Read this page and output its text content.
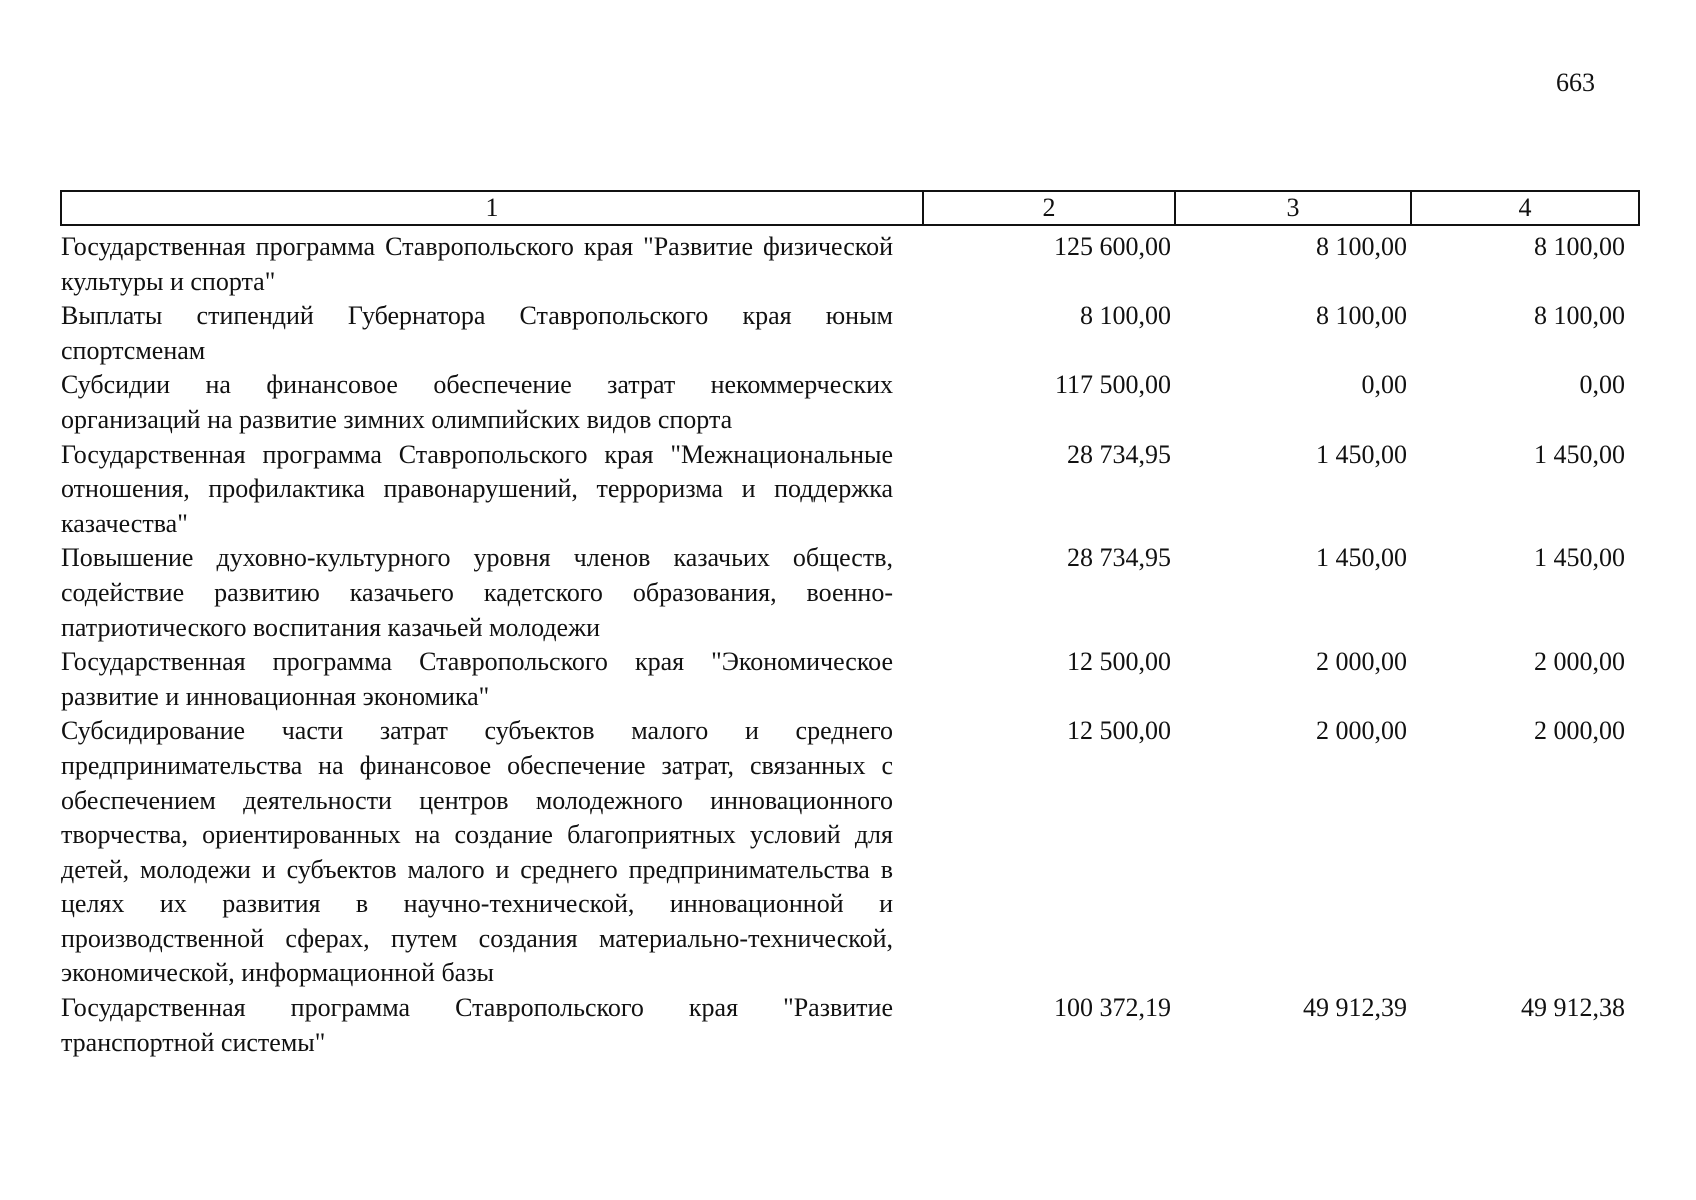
663
1	2	3	4
Государственная программа Ставропольского края "Развитие физической культуры и спорта"	125 600,00	8 100,00	8 100,00
Выплаты стипендий Губернатора Ставропольского края юным спортсменам	8 100,00	8 100,00	8 100,00
Субсидии на финансовое обеспечение затрат некоммерческих организаций на развитие зимних олимпийских видов спорта	117 500,00	0,00	0,00
Государственная программа Ставропольского края "Межнациональные отношения, профилактика правонарушений, терроризма и поддержка казачества"	28 734,95	1 450,00	1 450,00
Повышение духовно-культурного уровня членов казачьих обществ, содействие развитию казачьего кадетского образования, военно-патриотического воспитания казачьей молодежи	28 734,95	1 450,00	1 450,00
Государственная программа Ставропольского края "Экономическое развитие и инновационная экономика"	12 500,00	2 000,00	2 000,00
Субсидирование части затрат субъектов малого и среднего предпринимательства на финансовое обеспечение затрат, связанных с обеспечением деятельности центров молодежного инновационного творчества, ориентированных на создание благоприятных условий для детей, молодежи и субъектов малого и среднего предпринимательства в целях их развития в научно-технической, инновационной и производственной сферах, путем создания материально-технической, экономической, информационной базы	12 500,00	2 000,00	2 000,00
Государственная программа Ставропольского края "Развитие транспортной системы"	100 372,19	49 912,39	49 912,38
